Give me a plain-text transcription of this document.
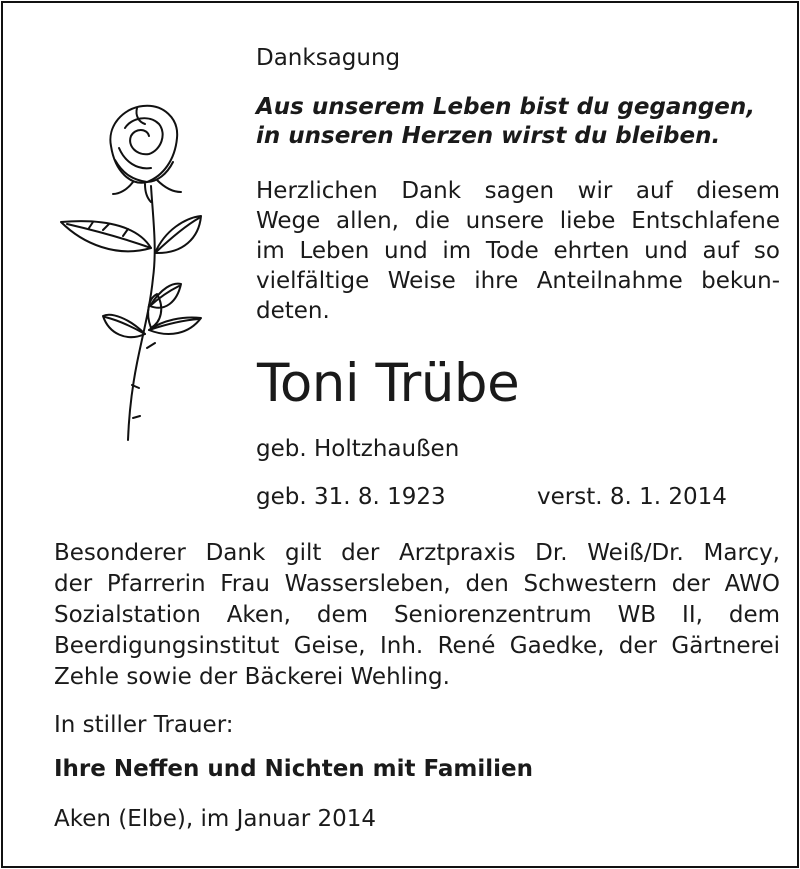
Danksagung
Aus unserem Leben bist du gegangen,
in unseren Herzen wirst du bleiben.
Herzlichen Dank sagen wir auf diesem
Wege allen, die unsere liebe Entschlafene
im Leben und im Tode ehrten und auf so
vielfältige Weise ihre Anteilnahme bekun-
deten.
Toni Trübe
geb. Holtzhaußen
geb. 31. 8. 1923	verst. 8. 1. 2014
Besonderer Dank gilt der Arztpraxis Dr. Weiß/Dr. Marcy,
der Pfarrerin Frau Wassersleben, den Schwestern der AWO
Sozialstation Aken, dem Seniorenzentrum WB II, dem
Beerdigungsinstitut Geise, Inh. René Gaedke, der Gärtnerei
Zehle sowie der Bäckerei Wehling.
In stiller Trauer:
Ihre Neffen und Nichten mit Familien
Aken (Elbe), im Januar 2014
